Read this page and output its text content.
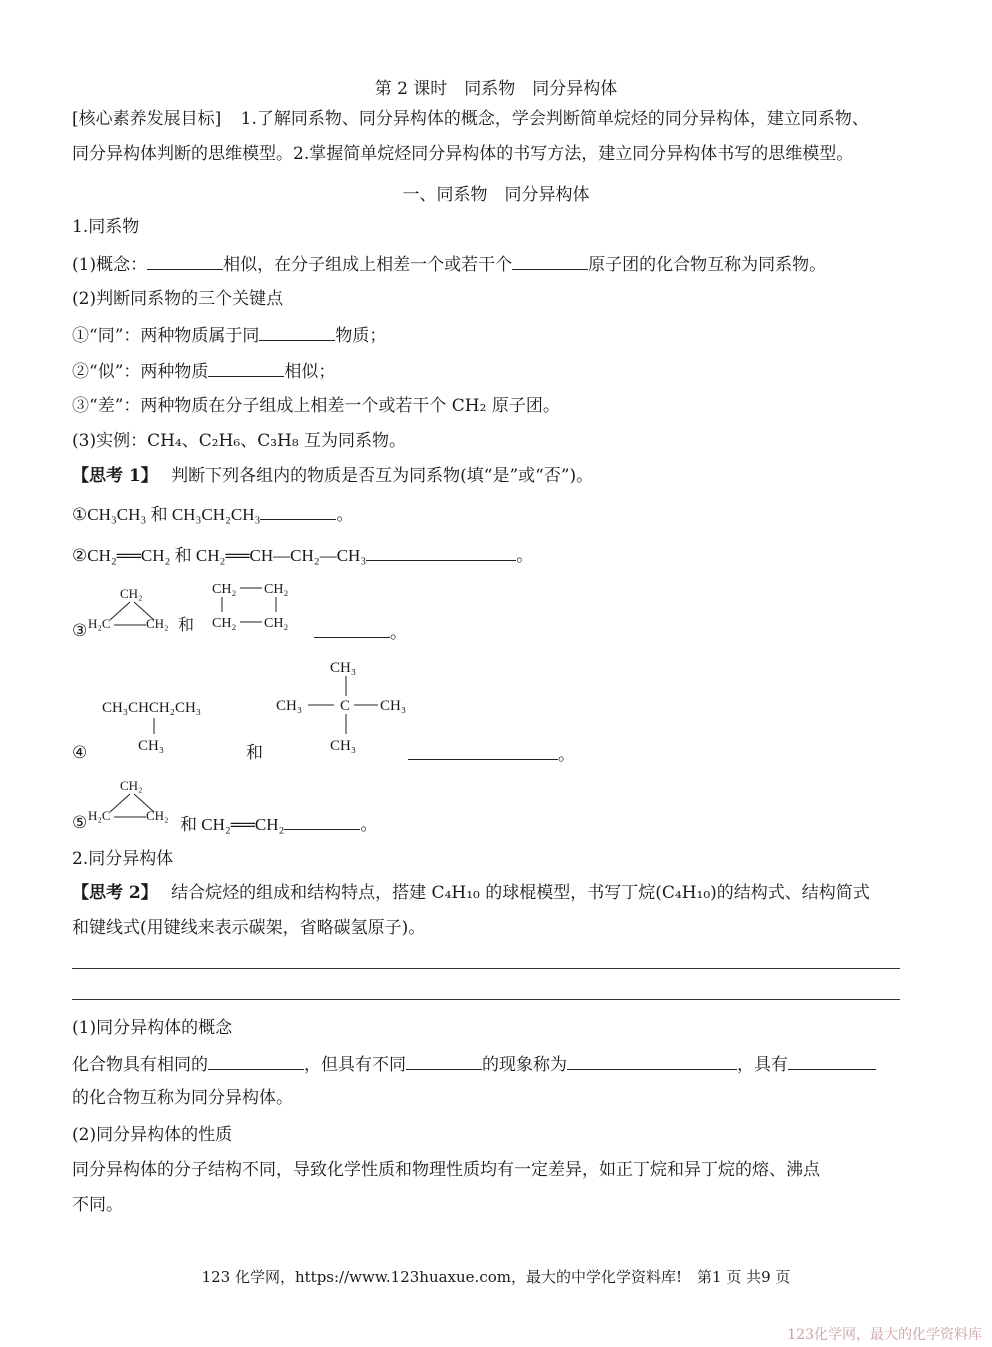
第 2 课时　同系物　同分异构体
[核心素养发展目标] 1.了解同系物、同分异构体的概念，学会判断简单烷烃的同分异构体，建立同系物、
同分异构体判断的思维模型。2.掌握简单烷烃同分异构体的书写方法，建立同分异构体书写的思维模型。
一、同系物　同分异构体
1.同系物
(1)概念：	相似，在分子组成上相差一个或若干个	原子团的化合物互称为同系物。
(2)判断同系物的三个关键点
①“同”：两种物质属于同	物质；
②“似”：两种物质	相似；
③“差”：两种物质在分子组成上相差一个或若干个 CH₂ 原子团。
(3)实例：CH₄、C₂H₆、C₃H₈ 互为同系物。
【思考 1】 判断下列各组内的物质是否互为同系物(填“是”或“否”)。
①CH₃CH₃ 和 CH₃CH₂CH₃	。
②CH₂══CH₂ 和 CH₂══CH—CH₂—CH₃	。
③
CH₂
H₂C	CH₂ 和
CH₂ CH₂
CH₂ CH₂	。
④
CH₃CHCH₂CH₃
CH₃
CH₃
CH₃	C CH₃
CH₃
和	。
⑤
CH₂
H₂C	CH₂ 和 CH₂══CH₂	。
2.同分异构体
【思考 2】 结合烷烃的组成和结构特点，搭建 C₄H₁₀ 的球棍模型，书写丁烷(C₄H₁₀)的结构式、结构简式
和键线式(用键线来表示碳架，省略碳氢原子)。
(1)同分异构体的概念
化合物具有相同的	，但具有不同	的现象称为	，具有
的化合物互称为同分异构体。
(2)同分异构体的性质
同分异构体的分子结构不同，导致化学性质和物理性质均有一定差异，如正丁烷和异丁烷的熔、沸点
不同。
123 化学网，https://www.123huaxue.com，最大的中学化学资料库!　第1 页 共9 页
123化学网，最大的化学资料库
